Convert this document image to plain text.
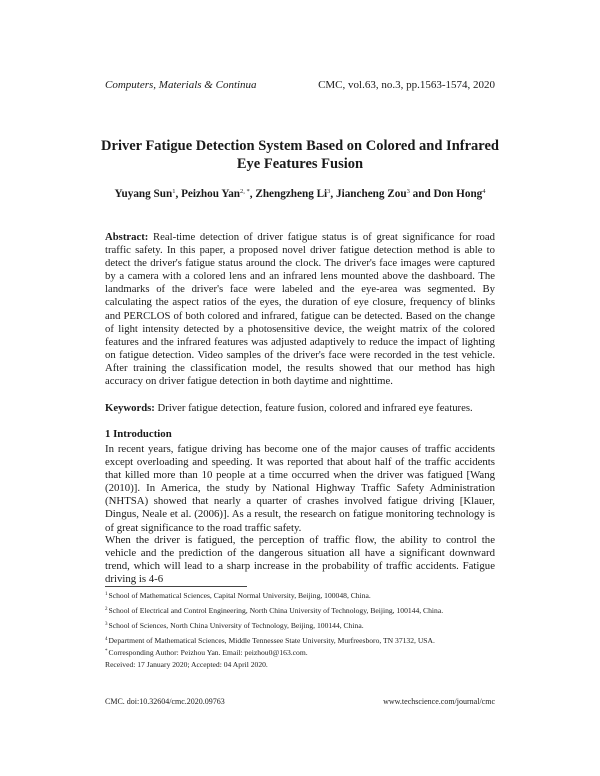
Computers, Materials & Continua	CMC, vol.63, no.3, pp.1563-1574, 2020
Driver Fatigue Detection System Based on Colored and Infrared Eye Features Fusion
Yuyang Sun$^1$, Peizhou Yan$^{2, *}$, Zhengzheng Li$^3$, Jiancheng Zou$^3$ and Don Hong$^4$
Abstract: Real-time detection of driver fatigue status is of great significance for road traffic safety. In this paper, a proposed novel driver fatigue detection method is able to detect the driver's fatigue status around the clock. The driver's face images were captured by a camera with a colored lens and an infrared lens mounted above the dashboard. The landmarks of the driver's face were labeled and the eye-area was segmented. By calculating the aspect ratios of the eyes, the duration of eye closure, frequency of blinks and PERCLOS of both colored and infrared, fatigue can be detected. Based on the change of light intensity detected by a photosensitive device, the weight matrix of the colored features and the infrared features was adjusted adaptively to reduce the impact of lighting on fatigue detection. Video samples of the driver's face were recorded in the test vehicle. After training the classification model, the results showed that our method has high accuracy on driver fatigue detection in both daytime and nighttime.
Keywords: Driver fatigue detection, feature fusion, colored and infrared eye features.
1 Introduction
In recent years, fatigue driving has become one of the major causes of traffic accidents except overloading and speeding. It was reported that about half of the traffic accidents that killed more than 10 people at a time occurred when the driver was fatigued [Wang (2010)]. In America, the study by National Highway Traffic Safety Administration (NHTSA) showed that nearly a quarter of crashes involved fatigue driving [Klauer, Dingus, Neale et al. (2006)]. As a result, the research on fatigue monitoring technology is of great significance to the road traffic safety.
When the driver is fatigued, the perception of traffic flow, the ability to control the vehicle and the prediction of the dangerous situation all have a significant downward trend, which will lead to a sharp increase in the probability of traffic accidents. Fatigue driving is 4-6
$^1$School of Mathematical Sciences, Capital Normal University, Beijing, 100048, China.
$^2$School of Electrical and Control Engineering, North China University of Technology, Beijing, 100144, China.
$^3$School of Sciences, North China University of Technology, Beijing, 100144, China.
$^4$Department of Mathematical Sciences, Middle Tennessee State University, Murfreesboro, TN 37132, USA.
*Corresponding Author: Peizhou Yan. Email: peizhou0@163.com.
Received: 17 January 2020; Accepted: 04 April 2020.
CMC. doi:10.32604/cmc.2020.09763	www.techscience.com/journal/cmc
